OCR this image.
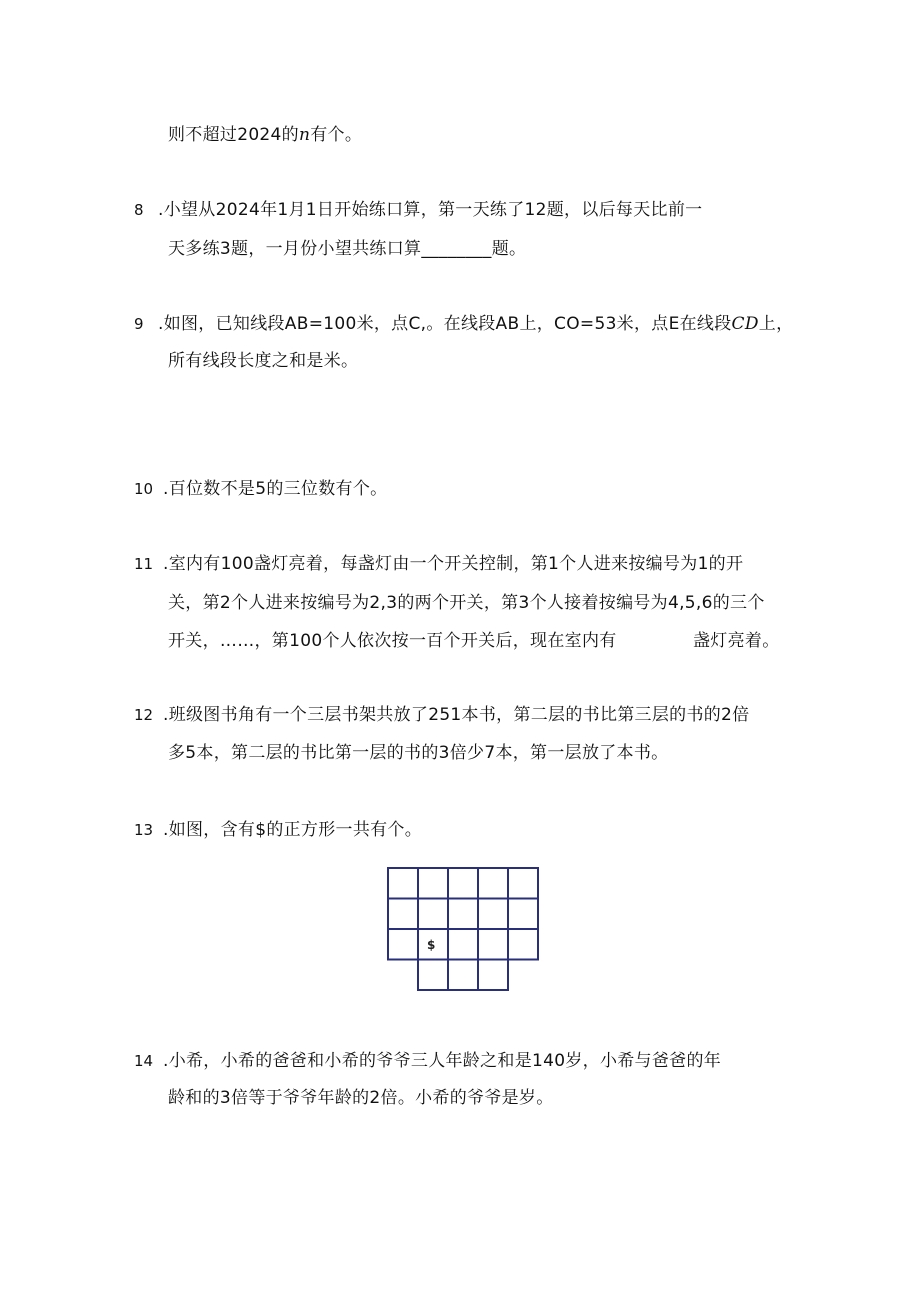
则不超过2024的n有个。
8 .小望从2024年1月1日开始练口算，第一天练了12题，以后每天比前一
天多练3题，一月份小望共练口算________题。
9 .如图，已知线段AB=100米，点C,。在线段AB上，CO=53米，点E在线段CD上，
所有线段长度之和是米。
10 .百位数不是5的三位数有个。
11 .室内有100盏灯亮着，每盏灯由一个开关控制，第1个人进来按编号为1的开
关，第2个人进来按编号为2,3的两个开关，第3个人接着按编号为4,5,6的三个
开关，……，第100个人依次按一百个开关后，现在室内有	盏灯亮着。
12 .班级图书角有一个三层书架共放了251本书，第二层的书比第三层的书的2倍
多5本，第二层的书比第一层的书的3倍少7本，第一层放了本书。
13 .如图，含有$的正方形一共有个。
$
14 .小希，小希的爸爸和小希的爷爷三人年龄之和是140岁，小希与爸爸的年
龄和的3倍等于爷爷年龄的2倍。小希的爷爷是岁。
